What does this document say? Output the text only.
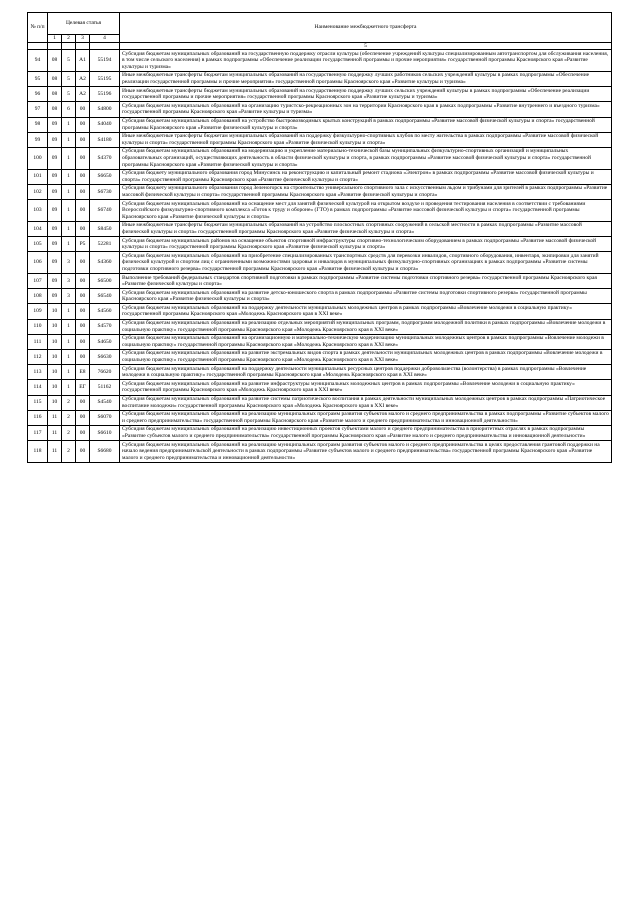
№ п/п	Целевая статья				Наименование межбюджетного трансферта
	1	2	3	4	
					5
94	08	5	A1	55194	Субсидия бюджетам муниципальных образований на государственную поддержку отрасли культуры (обеспечение учреждений культуры специализированным автотранспортом для обслуживания населения, в том числе сельского населения) в рамках подпрограммы «Обеспечение реализации государственной программы и прочие мероприятия» государственной программы Красноярского края «Развитие культуры и туризма»
95	08	5	A2	55195	Иные межбюджетные трансферты бюджетам муниципальных образований на государственную поддержку лучших работников сельских учреждений культуры в рамках подпрограммы «Обеспечение реализации государственной программы и прочие мероприятия» государственной программы Красноярского края «Развитие культуры и туризма»
96	08	5	A2	55196	Иные межбюджетные трансферты бюджетам муниципальных образований на государственную поддержку лучших сельских учреждений культуры в рамках подпрограммы «Обеспечение реализации государственной программы и прочие мероприятия» государственной программы Красноярского края «Развитие культуры и туризма»
97	08	6	00	S4800	Субсидия бюджетам муниципальных образований на организацию туристско-рекреационных зон на территории Красноярского края в рамках подпрограммы «Развитие внутреннего и въездного туризма» государственной программы Красноярского края «Развитие культуры и туризма»
98	09	1	00	S4040	Субсидия бюджетам муниципальных образований на устройство быстровозводимых крытых конструкций в рамках подпрограммы «Развитие массовой физической культуры и спорта» государственной программы Красноярского края «Развитие физической культуры и спорта»
99	09	1	00	S4180	Иные межбюджетные трансферты бюджетам муниципальных образований на поддержку физкультурно-спортивных клубов по месту жительства в рамках подпрограммы «Развитие массовой физической культуры и спорта» государственной программы Красноярского края «Развитие физической культуры и спорта»
100	09	1	00	S4370	Субсидия бюджетам муниципальных образований на модернизацию и укрепление материально-технической базы муниципальных физкультурно-спортивных организаций и муниципальных образовательных организаций, осуществляющих деятельность в области физической культуры и спорта, в рамках подпрограммы «Развитие массовой физической культуры и спорта» государственной программы Красноярского края «Развитие физической культуры и спорта»
101	09	1	00	S6650	Субсидия бюджету муниципального образования город Минусинск на реконструкцию и капитальный ремонт стадиона «Электрон» в рамках подпрограммы «Развитие массовой физической культуры и спорта» государственной программы Красноярского края «Развитие физической культуры и спорта»
102	09	1	00	S6730	Субсидия бюджету муниципального образования город Зеленогорск на строительство универсального спортивного зала с искусственным льдом и трибунами для зрителей в рамках подпрограммы «Развитие массовой физической культуры и спорта» государственной программы Красноярского края «Развитие физической культуры и спорта»
103	09	1	00	S6740	Субсидия бюджетам муниципальных образований на оснащение мест для занятий физической культурой на открытом воздухе и проведения тестирования населения в соответствии с требованиями Всероссийского физкультурно-спортивного комплекса «Готов к труду и обороне» (ГТО) в рамках подпрограммы «Развитие массовой физической культуры и спорта» государственной программы Красноярского края «Развитие физической культуры и спорта»
104	09	1	00	S8450	Иные межбюджетные трансферты бюджетам муниципальных образований на устройство плоскостных спортивных сооружений в сельской местности в рамках подпрограммы «Развитие массовой физической культуры и спорта» государственной программы Красноярского края «Развитие физической культуры и спорта»
105	09	1	P5	52281	Субсидия бюджетам муниципальных районов на оснащение объектов спортивной инфраструктуры спортивно-технологическим оборудованием в рамках подпрограммы «Развитие массовой физической культуры и спорта» государственной программы Красноярского края «Развитие физической культуры и спорта»
106	09	3	00	S4360	Субсидия бюджетам муниципальных образований на приобретение специализированных транспортных средств для перевозки инвалидов, спортивного оборудования, инвентаря, экипировки для занятий физической культурой и спортом лиц с ограниченными возможностями здоровья и инвалидов в муниципальных физкультурно-спортивных организациях в рамках подпрограммы «Развитие системы подготовки спортивного резерва» государственной программы Красноярского края «Развитие физической культуры и спорта»
107	09	3	00	S6500	Выполнение требований федеральных стандартов спортивной подготовки в рамках подпрограммы «Развитие системы подготовки спортивного резерва» государственной программы Красноярского края «Развитие физической культуры и спорта»
108	09	3	00	S6540	Субсидия бюджетам муниципальных образований на развитие детско-юношеского спорта в рамках подпрограммы «Развитие системы подготовки спортивного резерва» государственной программы Красноярского края «Развитие физической культуры и спорта»
109	10	1	00	S4560	Субсидия бюджетам муниципальных образований на поддержку деятельности муниципальных молодежных центров в рамках подпрограммы «Вовлечение молодежи в социальную практику» государственной программы Красноярского края «Молодежь Красноярского края в XXI веке»
110	10	1	00	S4570	Субсидия бюджетам муниципальных образований на реализацию отдельных мероприятий муниципальных программ, подпрограмм молодежной политики в рамках подпрограммы «Вовлечение молодежи в социальную практику» государственной программы Красноярского края «Молодежь Красноярского края в XXI веке»
111	10	1	00	S4650	Субсидия бюджетам муниципальных образований на организационную и материально-техническую модернизацию муниципальных молодежных центров в рамках подпрограммы «Вовлечение молодежи в социальную практику» государственной программы Красноярского края «Молодежь Красноярского края в XXI веке»
112	10	1	00	S6630	Субсидия бюджетам муниципальных образований на развитие экстремальных видов спорта в рамках деятельности муниципальных молодежных центров в рамках подпрограммы «Вовлечение молодежи в социальную практику» государственной программы Красноярского края «Молодежь Красноярского края в XXI веке»
113	10	1	E8	76620	Субсидия бюджетам муниципальных образований на поддержку деятельности муниципальных ресурсных центров поддержки добровольчества (волонтерства) в рамках подпрограммы «Вовлечение молодежи в социальную практику» государственной программы Красноярского края «Молодежь Красноярского края в XXI веке»
114	10	1	EГ	51162	Субсидия бюджетам муниципальных образований на развитие инфраструктуры муниципальных молодежных центров в рамках подпрограммы «Вовлечение молодежи в социальную практику» государственной программы Красноярского края «Молодежь Красноярского края в XXI веке»
115	10	2	00	S4540	Субсидия бюджетам муниципальных образований на развитие системы патриотического воспитания в рамках деятельности муниципальных молодежных центров в рамках подпрограммы «Патриотическое воспитание молодежи» государственной программы Красноярского края «Молодежь Красноярского края в XXI веке»
116	11	2	00	S6070	Субсидия бюджетам муниципальных образований на реализацию муниципальных программ развития субъектов малого и среднего предпринимательства в рамках подпрограммы «Развитие субъектов малого и среднего предпринимательства» государственной программы Красноярского края «Развитие малого и среднего предпринимательства и инновационной деятельности»
117	11	2	00	S6610	Субсидия бюджетам муниципальных образований на реализацию инвестиционных проектов субъектами малого и среднего предпринимательства в приоритетных отраслях в рамках подпрограммы «Развитие субъектов малого и среднего предпринимательства» государственной программы Красноярского края «Развитие малого и среднего предпринимательства и инновационной деятельности»
118	11	2	00	S6680	Субсидия бюджетам муниципальных образований на реализацию муниципальных программ развития субъектов малого и среднего предпринимательства в целях предоставления грантовой поддержки на начало ведения предпринимательской деятельности в рамках подпрограммы «Развитие субъектов малого и среднего предпринимательства» государственной программы Красноярского края «Развитие малого и среднего предпринимательства и инновационной деятельности»
